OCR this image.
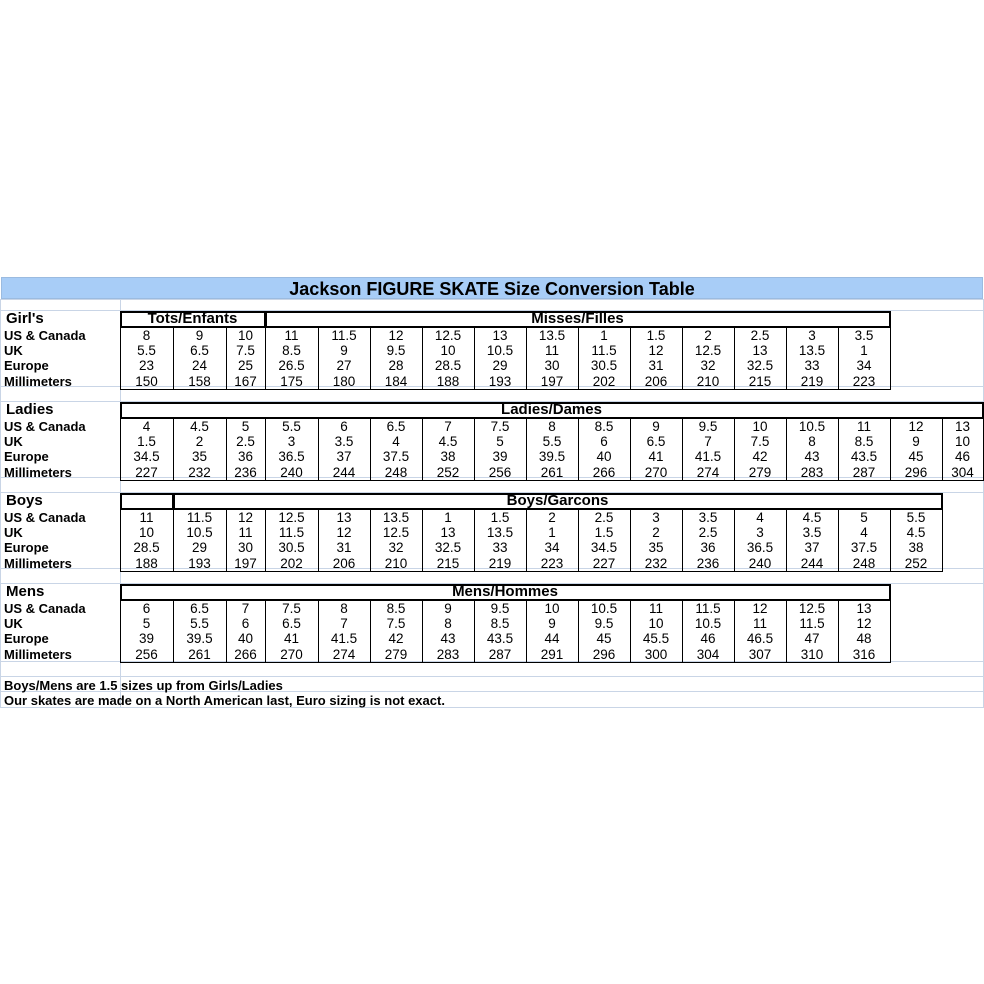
Jackson FIGURE SKATE Size Conversion Table
Girl's	Tots/Enfants	Misses/Filles
US & Canada	8	9	10	11	11.5	12	12.5	13	13.5	1	1.5	2	2.5	3	3.5
UK	5.5	6.5	7.5	8.5	9	9.5	10	10.5	11	11.5	12	12.5	13	13.5	1
Europe	23	24	25	26.5	27	28	28.5	29	30	30.5	31	32	32.5	33	34
Millimeters	150	158	167	175	180	184	188	193	197	202	206	210	215	219	223
Ladies	Ladies/Dames
US & Canada	4	4.5	5	5.5	6	6.5	7	7.5	8	8.5	9	9.5	10	10.5	11	12	13
UK	1.5	2	2.5	3	3.5	4	4.5	5	5.5	6	6.5	7	7.5	8	8.5	9	10
Europe	34.5	35	36	36.5	37	37.5	38	39	39.5	40	41	41.5	42	43	43.5	45	46
Millimeters	227	232	236	240	244	248	252	256	261	266	270	274	279	283	287	296	304
Boys	Boys/Garcons
US & Canada	11	11.5	12	12.5	13	13.5	1	1.5	2	2.5	3	3.5	4	4.5	5	5.5
UK	10	10.5	11	11.5	12	12.5	13	13.5	1	1.5	2	2.5	3	3.5	4	4.5
Europe	28.5	29	30	30.5	31	32	32.5	33	34	34.5	35	36	36.5	37	37.5	38
Millimeters	188	193	197	202	206	210	215	219	223	227	232	236	240	244	248	252
Mens	Mens/Hommes
US & Canada	6	6.5	7	7.5	8	8.5	9	9.5	10	10.5	11	11.5	12	12.5	13
UK	5	5.5	6	6.5	7	7.5	8	8.5	9	9.5	10	10.5	11	11.5	12
Europe	39	39.5	40	41	41.5	42	43	43.5	44	45	45.5	46	46.5	47	48
Millimeters	256	261	266	270	274	279	283	287	291	296	300	304	307	310	316
Boys/Mens are 1.5 sizes up from Girls/Ladies
Our skates are made on a North American last, Euro sizing is not exact.
